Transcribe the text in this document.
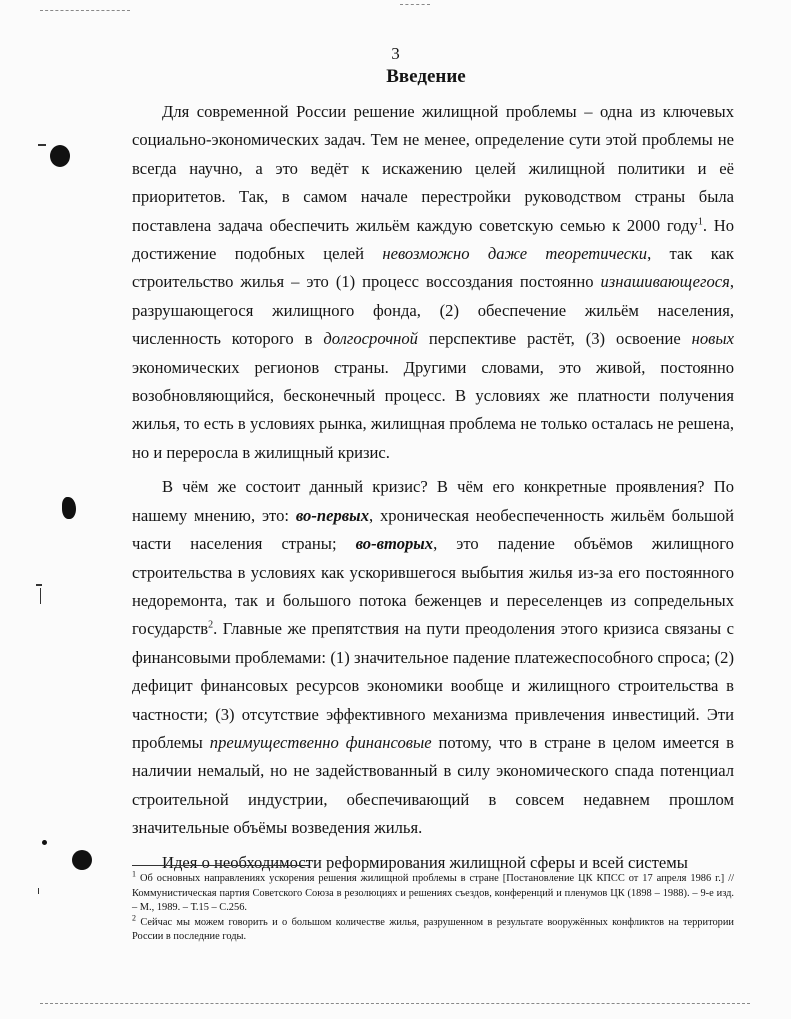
3
Введение

Для современной России решение жилищной проблемы – одна из ключевых социально-экономических задач. Тем не менее, определение сути этой проблемы не всегда научно, а это ведёт к искажению целей жилищной политики и её приоритетов. Так, в самом начале перестройки руководством страны была поставлена задача обеспечить жильём каждую советскую семью к 2000 году$^1$. Но достижение подобных целей невозможно даже теоретически, так как строительство жилья – это (1) процесс воссоздания постоянно изнашивающегося, разрушающегося жилищного фонда, (2) обеспечение жильём населения, численность которого в долгосрочной перспективе растёт, (3) освоение новых экономических регионов страны. Другими словами, это живой, постоянно возобновляющийся, бесконечный процесс. В условиях же платности получения жилья, то есть в условиях рынка, жилищная проблема не только осталась не решена, но и переросла в жилищный кризис.

В чём же состоит данный кризис? В чём его конкретные проявления? По нашему мнению, это: во-первых, хроническая необеспеченность жильём большой части населения страны; во-вторых, это падение объёмов жилищного строительства в условиях как ускорившегося выбытия жилья из-за его постоянного недоремонта, так и большого потока беженцев и переселенцев из сопредельных государств$^2$. Главные же препятствия на пути преодоления этого кризиса связаны с финансовыми проблемами: (1) значительное падение платежеспособного спроса; (2) дефицит финансовых ресурсов экономики вообще и жилищного строительства в частности; (3) отсутствие эффективного механизма привлечения инвестиций. Эти проблемы преимущественно финансовые потому, что в стране в целом имеется в наличии немалый, но не задействованный в силу экономического спада потенциал строительной индустрии, обеспечивающий в совсем недавнем прошлом значительные объёмы возведения жилья.

Идея о необходимости реформирования жилищной сферы и всей системы

$^1$ Об основных направлениях ускорения решения жилищной проблемы в стране [Постановление ЦК КПСС от 17 апреля 1986 г.] // Коммунистическая партия Советского Союза в резолюциях и решениях съездов, конференций и пленумов ЦК (1898 – 1988). – 9-е изд. – М., 1989. – Т.15 – С.256.

$^2$ Сейчас мы можем говорить и о большом количестве жилья, разрушенном в результате вооружённых конфликтов на территории России в последние годы.
